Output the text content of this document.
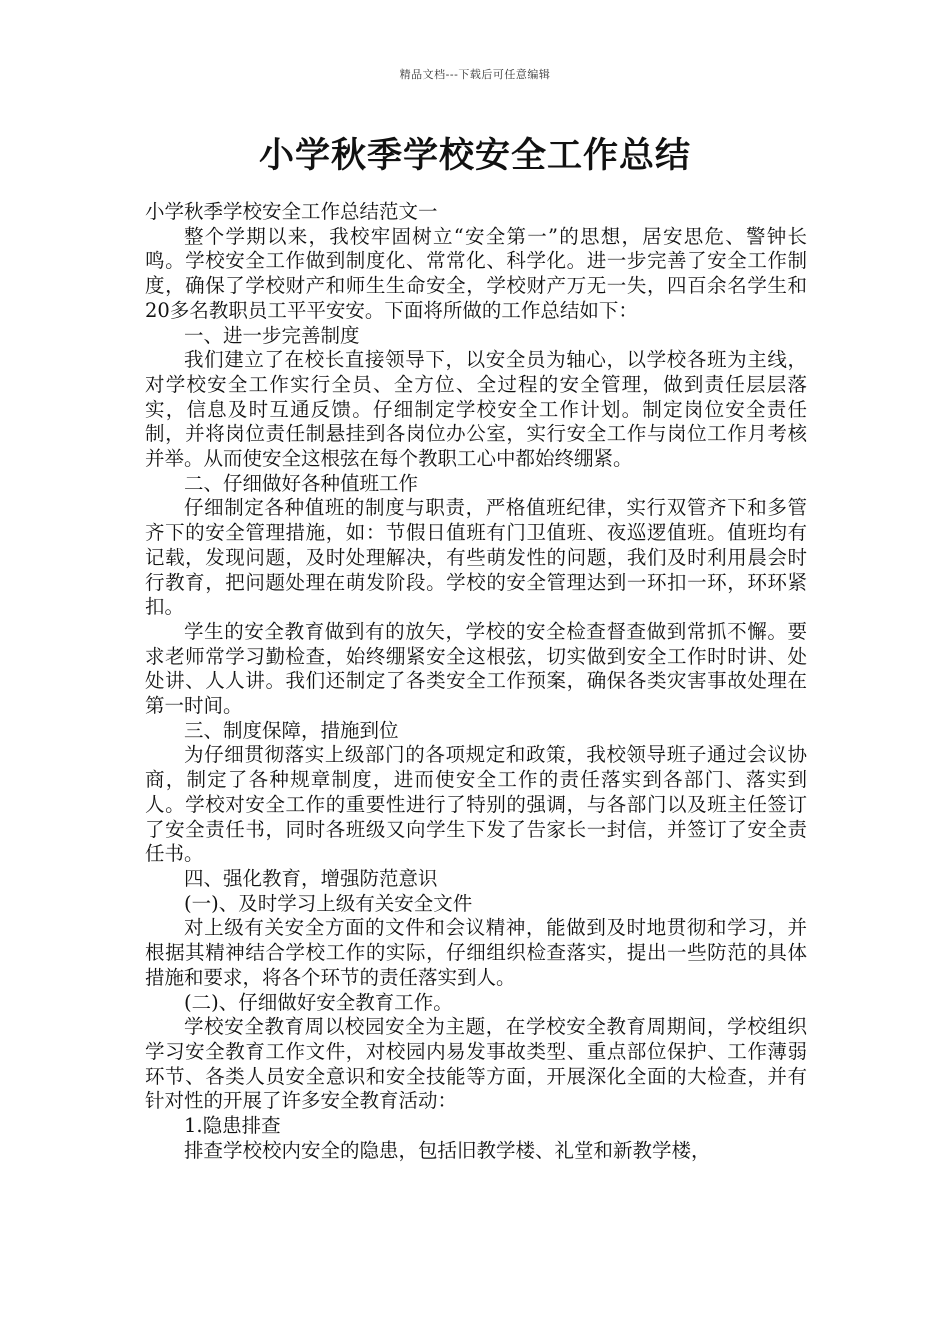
精品文档---下载后可任意编辑
小学秋季学校安全工作总结

小学秋季学校安全工作总结范文一

整个学期以来，我校牢固树立“安全第一”的思想，居安思危、警钟长鸣。学校安全工作做到制度化、常常化、科学化。进一步完善了安全工作制度，确保了学校财产和师生生命安全，学校财产万无一失，四百余名学生和20多名教职员工平平安安。下面将所做的工作总结如下：

一、进一步完善制度

我们建立了在校长直接领导下，以安全员为轴心，以学校各班为主线，对学校安全工作实行全员、全方位、全过程的安全管理，做到责任层层落实，信息及时互通反馈。仔细制定学校安全工作计划。制定岗位安全责任制，并将岗位责任制悬挂到各岗位办公室，实行安全工作与岗位工作月考核并举。从而使安全这根弦在每个教职工心中都始终绷紧。

二、仔细做好各种值班工作

仔细制定各种值班的制度与职责，严格值班纪律，实行双管齐下和多管齐下的安全管理措施，如：节假日值班有门卫值班、夜巡逻值班。值班均有记载，发现问题，及时处理解决，有些萌发性的问题，我们及时利用晨会时行教育，把问题处理在萌发阶段。学校的安全管理达到一环扣一环，环环紧扣。

学生的安全教育做到有的放矢，学校的安全检查督查做到常抓不懈。要求老师常学习勤检查，始终绷紧安全这根弦，切实做到安全工作时时讲、处处讲、人人讲。我们还制定了各类安全工作预案，确保各类灾害事故处理在第一时间。

三、制度保障，措施到位

为仔细贯彻落实上级部门的各项规定和政策，我校领导班子通过会议协商，制定了各种规章制度，进而使安全工作的责任落实到各部门、落实到人。学校对安全工作的重要性进行了特别的强调，与各部门以及班主任签订了安全责任书，同时各班级又向学生下发了告家长一封信，并签订了安全责任书。

四、强化教育，增强防范意识

(一)、及时学习上级有关安全文件

对上级有关安全方面的文件和会议精神，能做到及时地贯彻和学习，并根据其精神结合学校工作的实际，仔细组织检查落实，提出一些防范的具体措施和要求，将各个环节的责任落实到人。

(二)、仔细做好安全教育工作。

学校安全教育周以校园安全为主题，在学校安全教育周期间，学校组织学习安全教育工作文件，对校园内易发事故类型、重点部位保护、工作薄弱环节、各类人员安全意识和安全技能等方面，开展深化全面的大检查，并有针对性的开展了许多安全教育活动：

1.隐患排查

排查学校校内安全的隐患，包括旧教学楼、礼堂和新教学楼，
